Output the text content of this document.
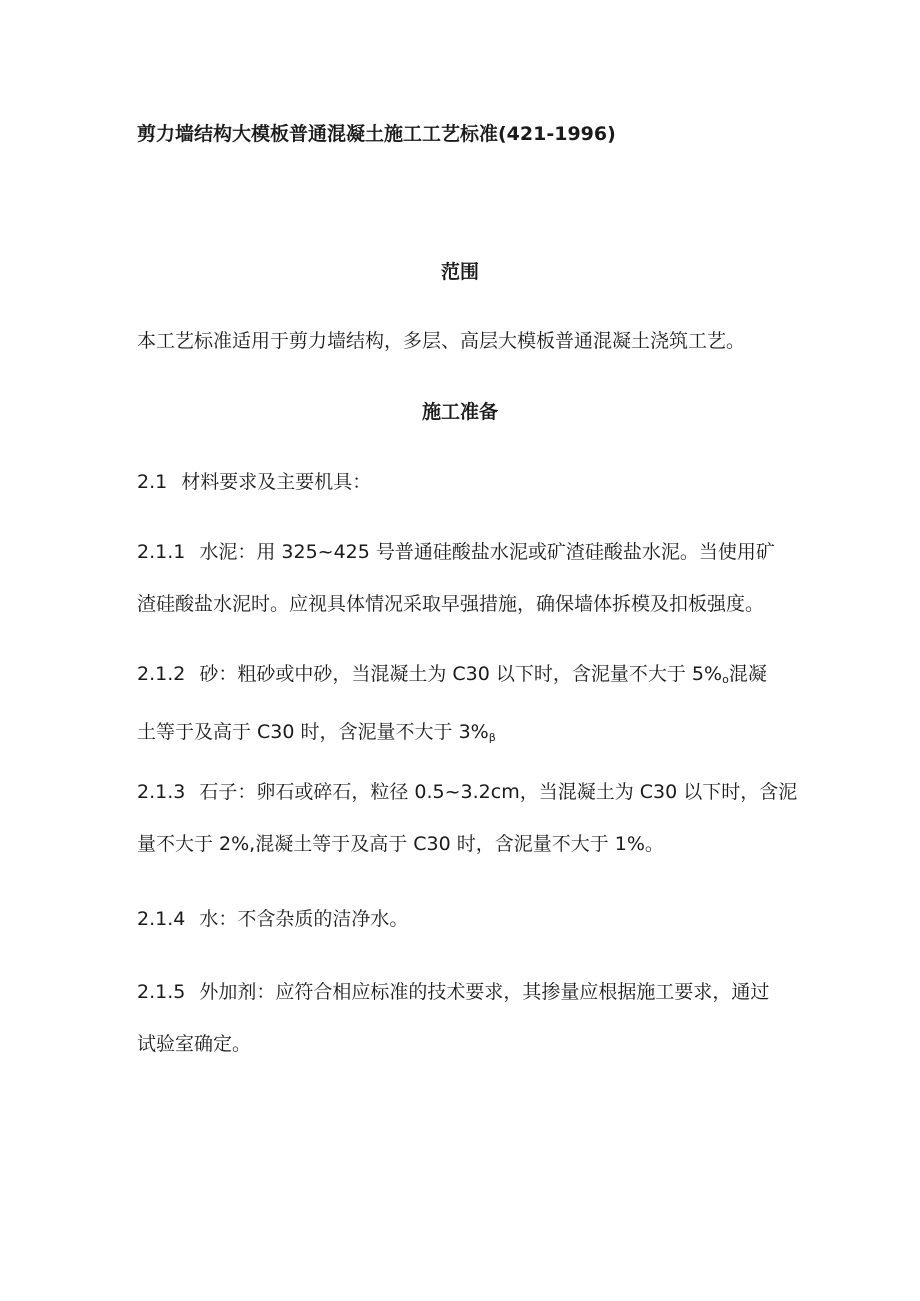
剪力墙结构大模板普通混凝土施工工艺标准(421-1996)
范围
本工艺标准适用于剪力墙结构，多层、高层大模板普通混凝土浇筑工艺。
施工准备
2.1 材料要求及主要机具：
2.1.1 水泥：用 325~425 号普通硅酸盐水泥或矿渣硅酸盐水泥。当使用矿
渣硅酸盐水泥时。应视具体情况采取早强措施，确保墙体拆模及扣板强度。
2.1.2 砂：粗砂或中砂，当混凝土为 C30 以下时，含泥量不大于 $5\%_o$混凝
土等于及高于 C30 时，含泥量不大于 $3\%_\beta$
2.1.3 石子：卵石或碎石，粒径 0.5~3.2cm，当混凝土为 C30 以下时，含泥
量不大于 2%,混凝土等于及高于 C30 时，含泥量不大于 1%。
2.1.4 水：不含杂质的洁净水。
2.1.5 外加剂：应符合相应标准的技术要求，其掺量应根据施工要求，通过
试验室确定。
